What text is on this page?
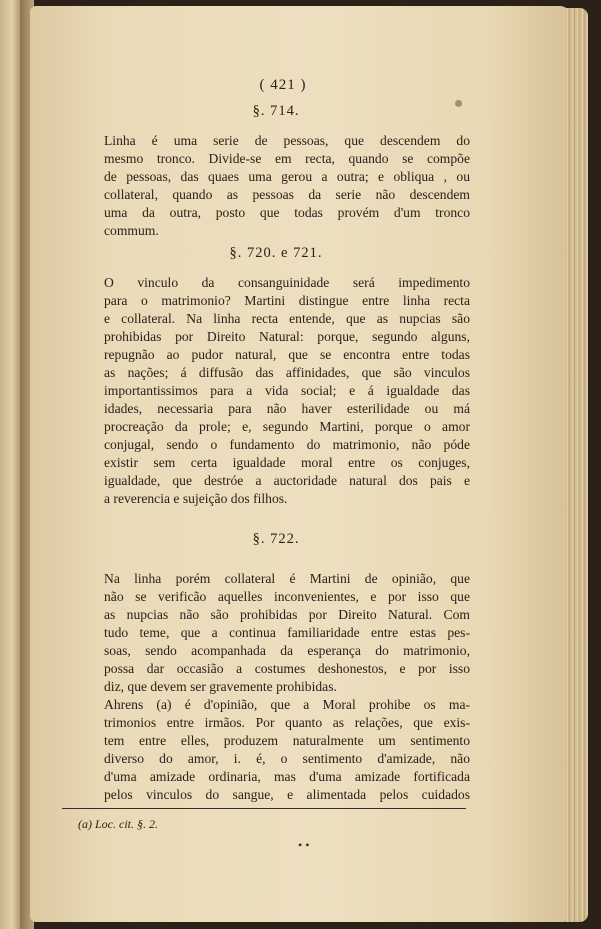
( 421 )
§. 714.
Linha é uma serie de pessoas, que descendem do
mesmo tronco. Divide-se em recta, quando se compõe
de pessoas, das quaes uma gerou a outra; e obliqua , ou
collateral, quando as pessoas da serie não descendem
uma da outra, posto que todas provém d'um tronco
commum.
§. 720. e 721.
O vinculo da consanguinidade será impedimento
para o matrimonio? Martini distingue entre linha recta
e collateral. Na linha recta entende, que as nupcias são
prohibidas por Direito Natural: porque, segundo alguns,
repugnão ao pudor natural, que se encontra entre todas
as nações; á diffusão das affinidades, que são vinculos
importantissimos para a vida social; e á igualdade das
idades, necessaria para não haver esterilidade ou má
procreação da prole; e, segundo Martini, porque o amor
conjugal, sendo o fundamento do matrimonio, não póde
existir sem certa igualdade moral entre os conjuges,
igualdade, que destróe a auctoridade natural dos pais e
a reverencia e sujeição dos filhos.
§. 722.
Na linha porém collateral é Martini de opinião, que
não se verificão aquelles inconvenientes, e por isso que
as nupcias não são prohibidas por Direito Natural. Com
tudo teme, que a continua familiaridade entre estas pes-
soas, sendo acompanhada da esperança do matrimonio,
possa dar occasião a costumes deshonestos, e por isso
diz, que devem ser gravemente prohibidas.
Ahrens (a) é d'opinião, que a Moral prohibe os ma-
trimonios entre irmãos. Por quanto as relações, que exis-
tem entre elles, produzem naturalmente um sentimento
diverso do amor, i. é, o sentimento d'amizade, não
d'uma amizade ordinaria, mas d'uma amizade fortificada
pelos vinculos do sangue, e alimentada pelos cuidados
(a) Loc. cit. §. 2.
• •
